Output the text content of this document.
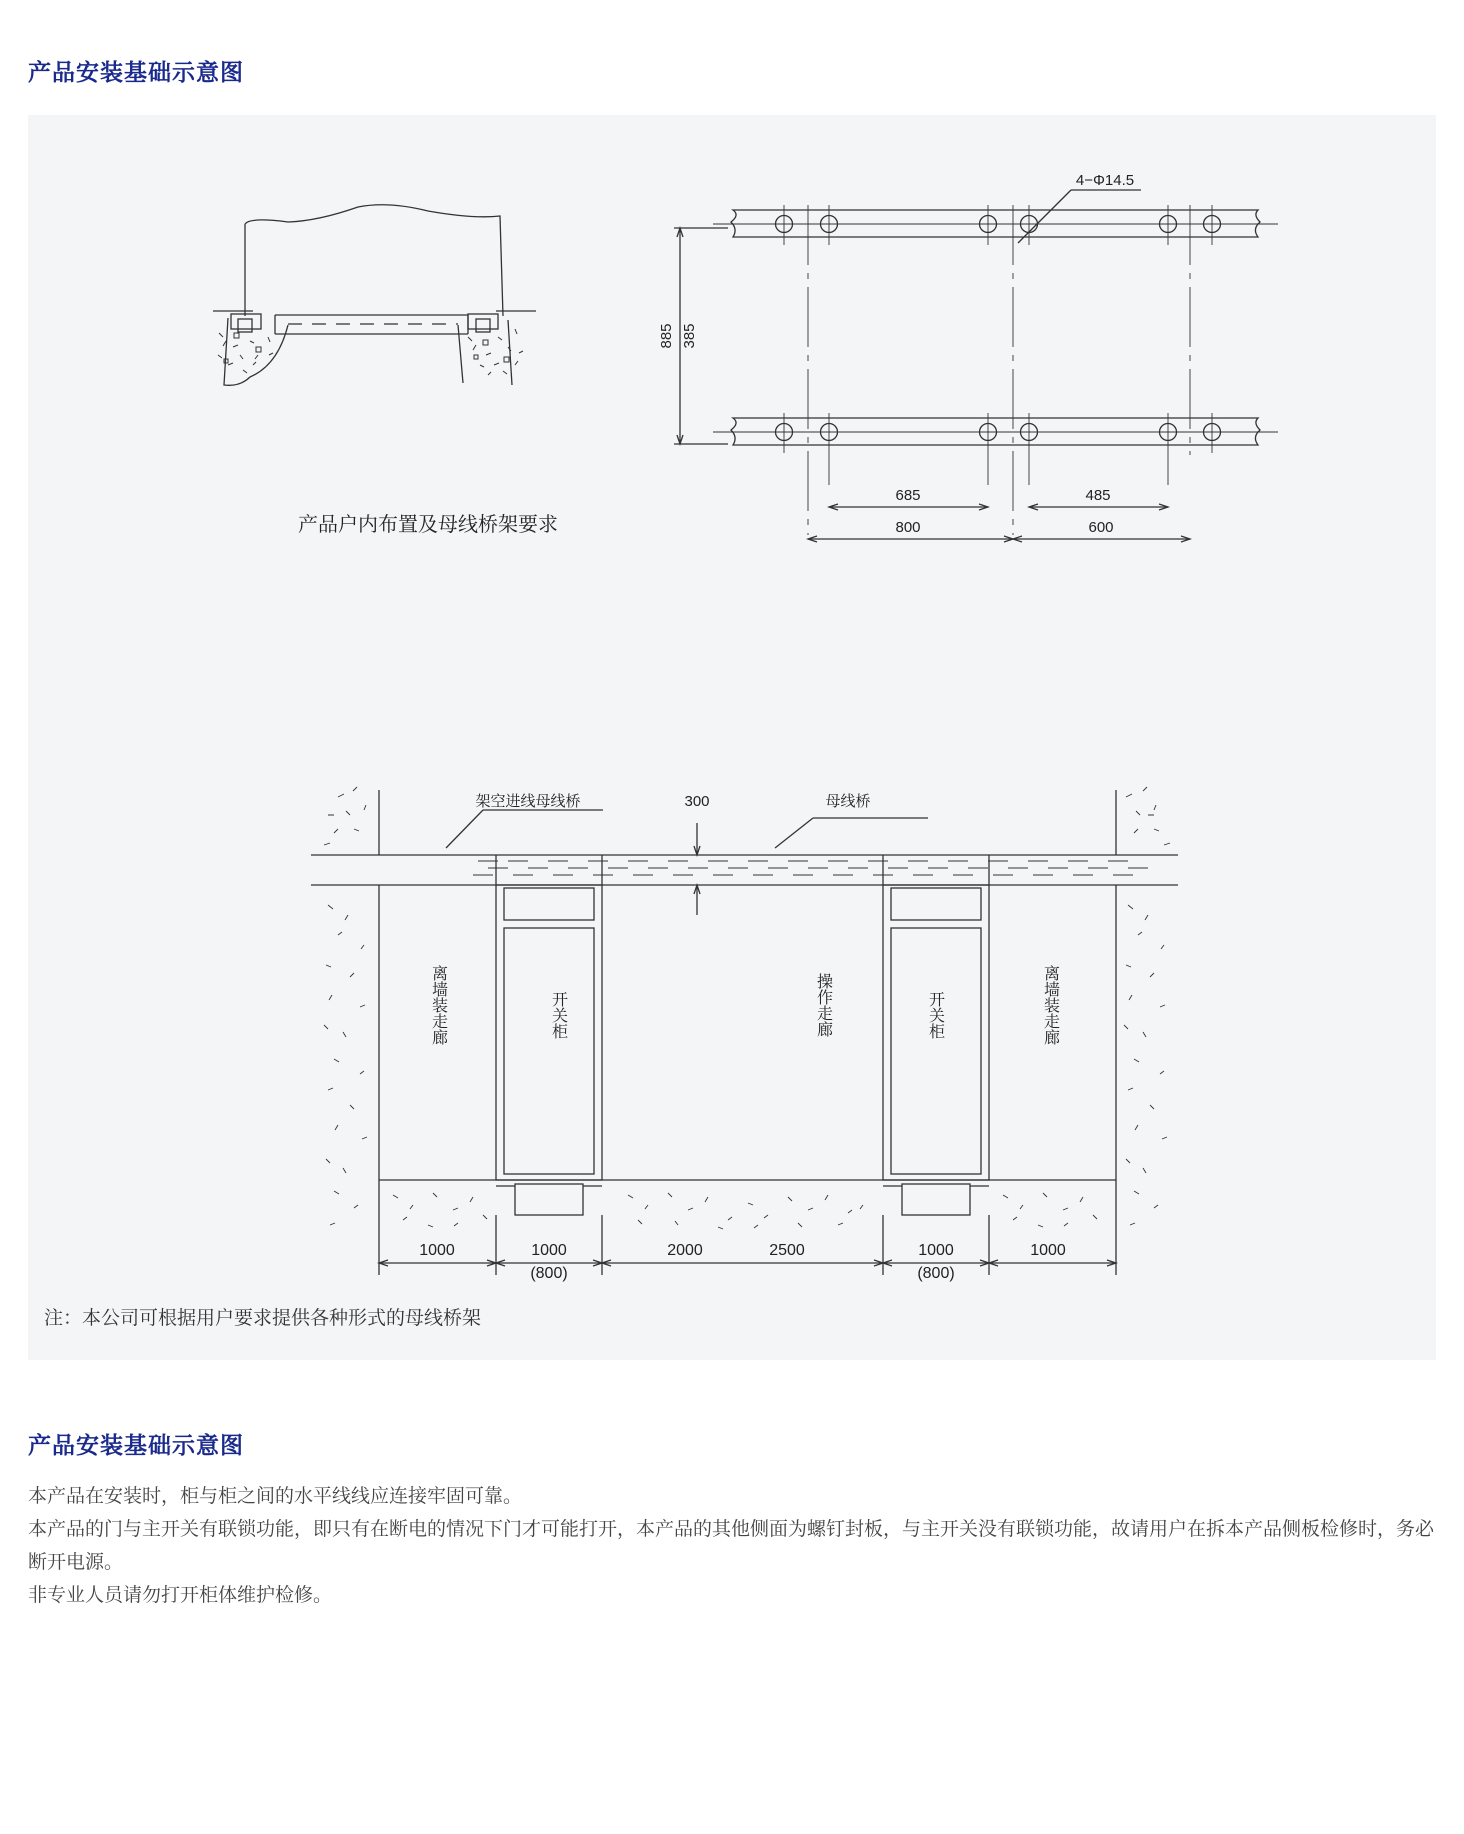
产品安装基础示意图
产品户内布置及母线桥架要求
4−Φ14.5
885 385
685	485
800	600
架空进线母线桥	300	母线桥
离墙装走廊	开关柜	操作走廊	开关柜	离墙装走廊
1000	1000
(800)
2000	2500	1000
(800)
1000
注：本公司可根据用户要求提供各种形式的母线桥架
产品安装基础示意图

本产品在安装时，柜与柜之间的水平线线应连接牢固可靠。

本产品的门与主开关有联锁功能，即只有在断电的情况下门才可能打开，本产品的其他侧面为螺钉封板，与主开关没有联锁功能，故请用户在拆本产品侧板检修时，务必断开电源。

非专业人员请勿打开柜体维护检修。
